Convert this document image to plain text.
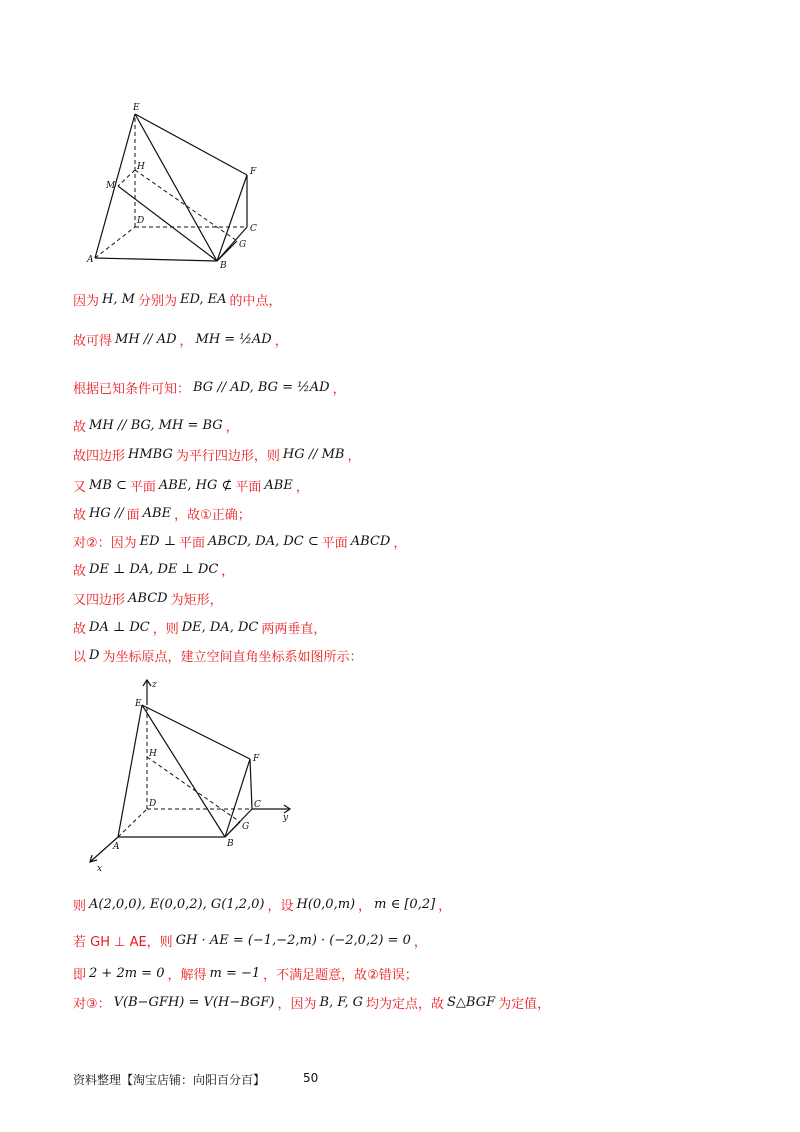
E
H
M
D
A
F
C
G
B
因为 H, M 分别为 ED, EA 的中点，
故可得 MH // AD ， MH = ½AD ，
根据已知条件可知： BG // AD, BG = ½AD ，
故 MH // BG, MH = BG ，
故四边形 HMBG 为平行四边形，则 HG // MB ，
又 MB ⊂ 平面 ABE, HG ⊄ 平面 ABE ，
故 HG // 面 ABE ，故①正确；
对②：因为 ED ⊥ 平面 ABCD, DA, DC ⊂ 平面 ABCD ，
故 DE ⊥ DA, DE ⊥ DC ，
又四边形 ABCD 为矩形，
故 DA ⊥ DC ，则 DE, DA, DC 两两垂直，
以 D 为坐标原点，建立空间直角坐标系如图所示：
z
E
H	F
D	C
y
A
G
B
x
则 A(2,0,0), E(0,0,2), G(1,2,0) ，设 H(0,0,m) ， m ∈ [0,2] ，
若 GH ⊥ AE，则 GH · AE = (−1,−2,m) · (−2,0,2) = 0 ，
即 2 + 2m = 0 ，解得 m = −1 ，不满足题意，故②错误；
对③： V(B−GFH) = V(H−BGF) ，因为 B, F, G 均为定点，故 S△BGF 为定值，
资料整理【淘宝店铺：向阳百分百】	50
